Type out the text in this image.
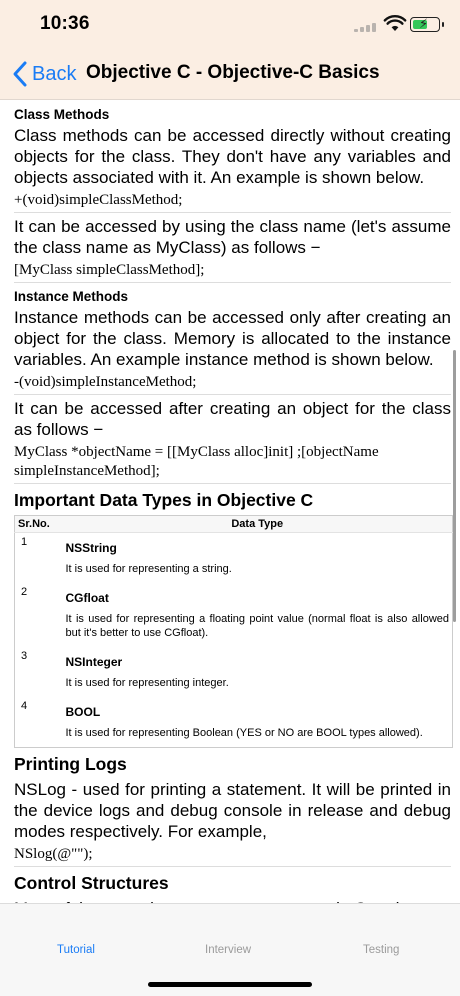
10:36	⚡
Back Objective C - Objective-C Basics
Class Methods

Class methods can be accessed directly without creating objects for the class. They don't have any variables and objects associated with it. An example is shown below.

+(void)simpleClassMethod;

It can be accessed by using the class name (let's assume the class name as MyClass) as follows −

[MyClass simpleClassMethod];
Instance Methods

Instance methods can be accessed only after creating an object for the class. Memory is allocated to the instance variables. An example instance method is shown below.

-(void)simpleInstanceMethod;

It can be accessed after creating an object for the class as follows −

MyClass *objectName = [[MyClass alloc]init] ;[objectName simpleInstanceMethod];
Important Data Types in Objective C
Sr.No.	Data Type
1	NSString
It is used for representing a string.

2	CGfloat
It is used for representing a floating point value (normal float is also allowed but it's better to use CGfloat).

3	NSInteger
It is used for representing integer.

4	BOOL
It is used for representing Boolean (YES or NO are BOOL types allowed).
Printing Logs

NSLog - used for printing a statement. It will be printed in the device logs and debug console in release and debug modes respectively. For example,

NSlog(@"");
Control Structures

Tutorial	Interview	Testing
